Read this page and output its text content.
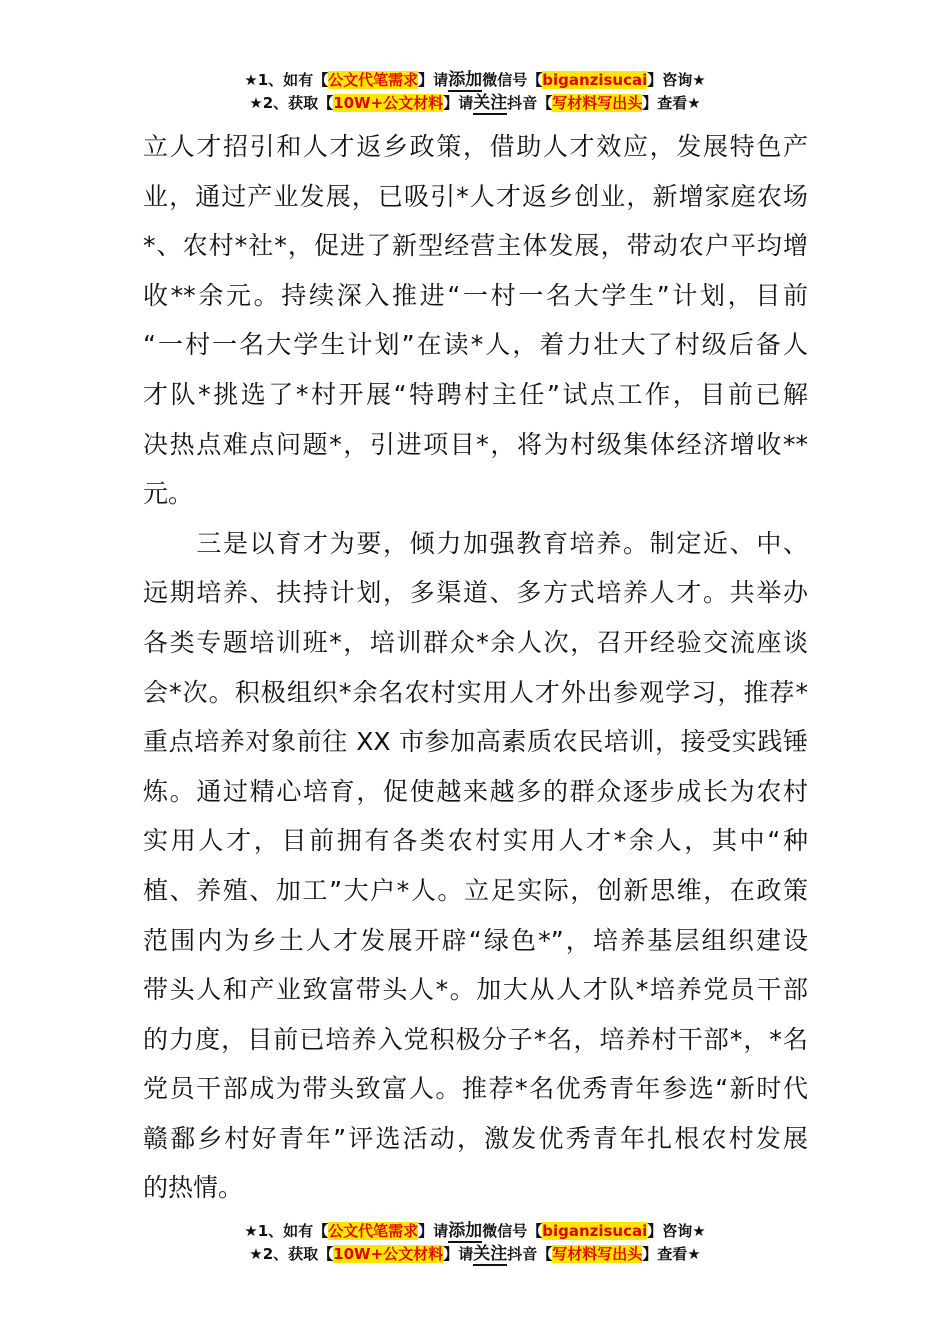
★1、如有【公文代笔需求】请添加微信号【biganzisucai】咨询★
★2、获取【10W+公文材料】请关注抖音【写材料写出头】查看★
立人才招引和人才返乡政策，借助人才效应，发展特色产
业，通过产业发展，已吸引*人才返乡创业，新增家庭农场
*、农村*社*，促进了新型经营主体发展，带动农户平均增
收**余元。持续深入推进“一村一名大学生”计划，目前
“一村一名大学生计划”在读*人，着力壮大了村级后备人
才队*挑选了*村开展“特聘村主任”试点工作，目前已解
决热点难点问题*，引进项目*，将为村级集体经济增收**
元。
　　三是以育才为要，倾力加强教育培养。制定近、中、
远期培养、扶持计划，多渠道、多方式培养人才。共举办
各类专题培训班*，培训群众*余人次，召开经验交流座谈
会*次。积极组织*余名农村实用人才外出参观学习，推荐*
重点培养对象前往 XX 市参加高素质农民培训，接受实践锤
炼。通过精心培育，促使越来越多的群众逐步成长为农村
实用人才，目前拥有各类农村实用人才*余人，其中“种
植、养殖、加工”大户*人。立足实际，创新思维，在政策
范围内为乡土人才发展开辟“绿色*”，培养基层组织建设
带头人和产业致富带头人*。加大从人才队*培养党员干部
的力度，目前已培养入党积极分子*名，培养村干部*，*名
党员干部成为带头致富人。推荐*名优秀青年参选“新时代
赣鄱乡村好青年”评选活动，激发优秀青年扎根农村发展
的热情。
★1、如有【公文代笔需求】请添加微信号【biganzisucai】咨询★
★2、获取【10W+公文材料】请关注抖音【写材料写出头】查看★
